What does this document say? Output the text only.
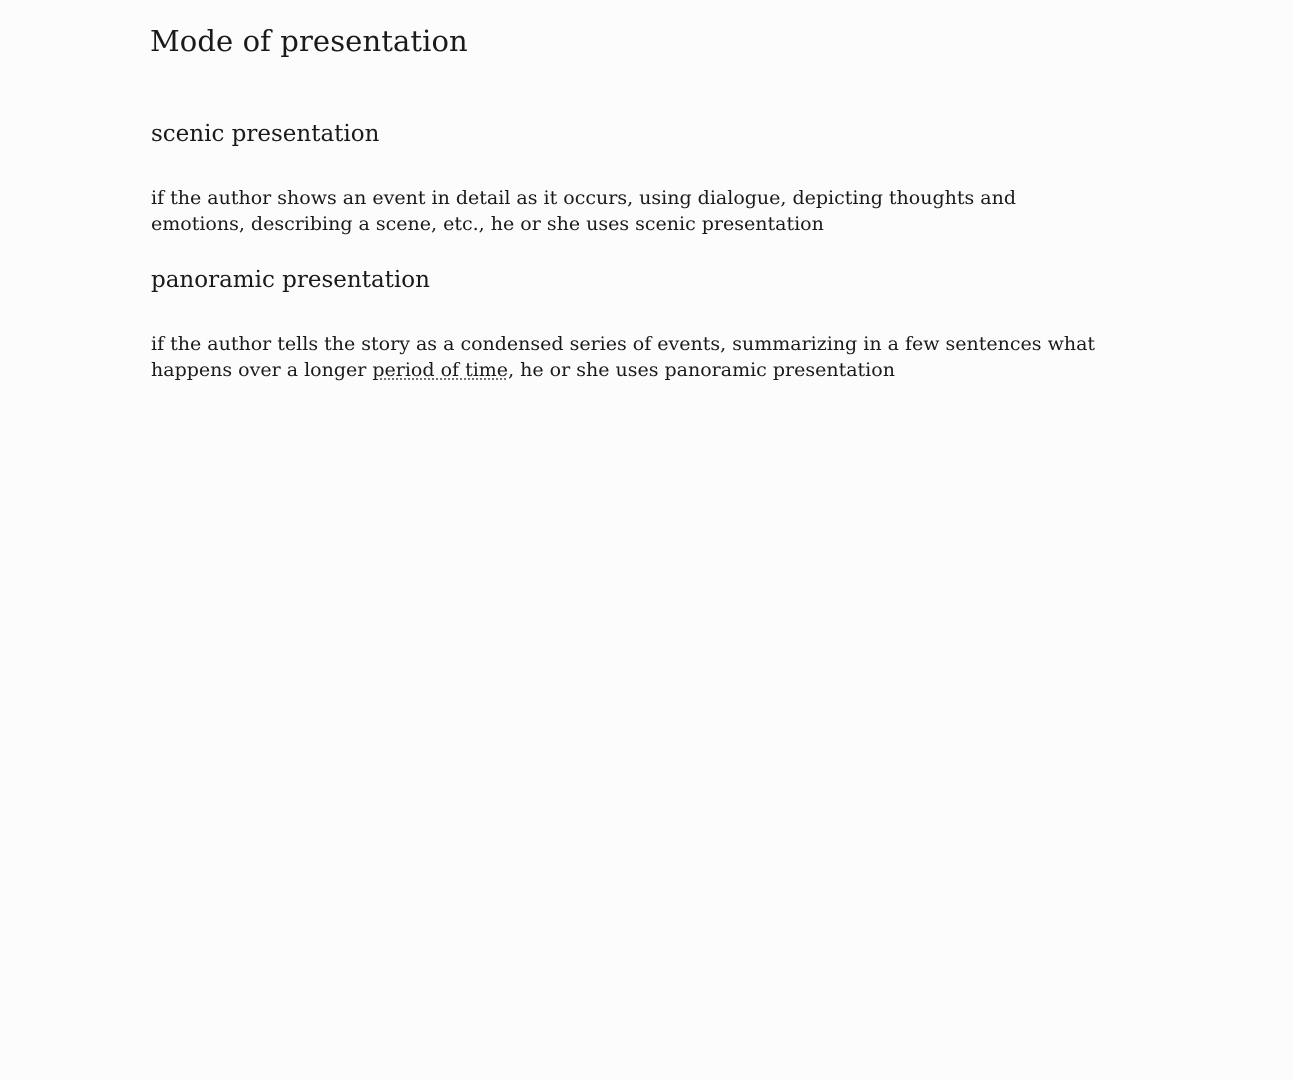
Mode of presentation
scenic presentation

if the author shows an event in detail as it occurs, using dialogue, depicting thoughts and
emotions, describing a scene, etc., he or she uses scenic presentation

panoramic presentation

if the author tells the story as a condensed series of events, summarizing in a few sentences what
happens over a longer period of time, he or she uses panoramic presentation
